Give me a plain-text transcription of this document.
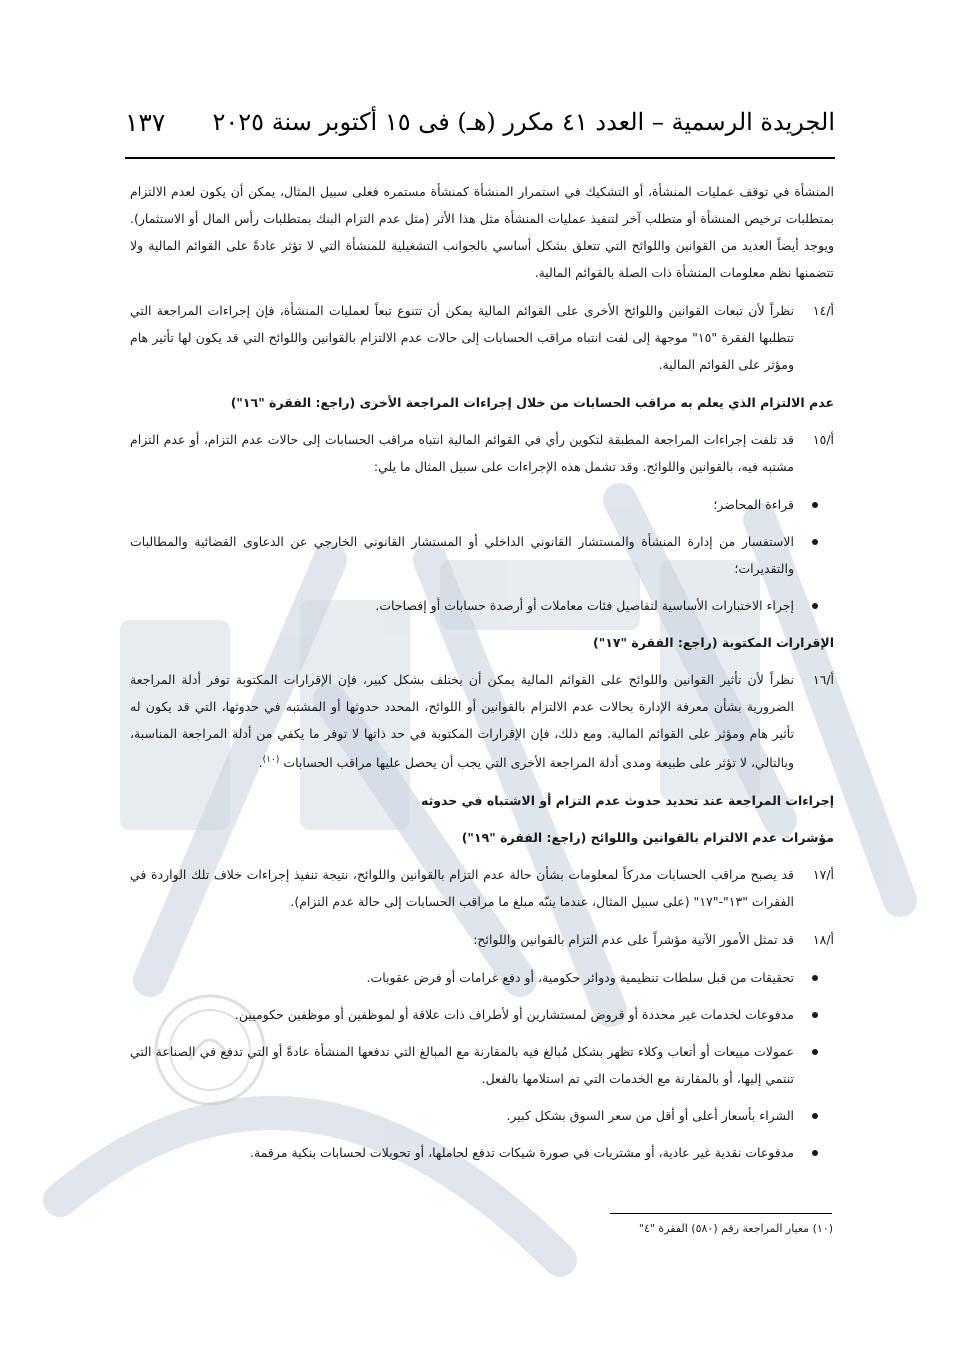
١٣٧ الجريدة الرسمية – العدد ٤١ مكرر (هـ) فى ١٥ أكتوبر سنة ٢٠٢٥

المنشأة في توقف عمليات المنشأة، أو التشكيك في استمرار المنشأة كمنشأة مستمره فعلى سبيل المثال، يمكن أن يكون لعدم الالتزام بمتطلبات ترخيص المنشأة أو متطلب آخر لتنفيذ عمليات المنشأة مثل هذا الأثر (مثل عدم التزام البنك بمتطلبات رأس المال أو الاستثمار). ويوجد أيضاً العديد من القوانين واللوائح التي تتعلق بشكل أساسي بالجوانب التشغيلية للمنشأة التي لا تؤثر عادةً على القوائم المالية ولا تتضمنها نظم معلومات المنشأة ذات الصلة بالقوائم المالية.

أ/١٤

نظراً لأن تبعات القوانين واللوائح الأخرى على القوائم المالية يمكن أن تتنوع تبعاً لعمليات المنشأة، فإن إجراءات المراجعة التي تتطلبها الفقرة "١٥" موجهة إلى لفت انتباه مراقب الحسابات إلى حالات عدم الالتزام بالقوانين واللوائح التي قد يكون لها تأثير هام ومؤثر على القوائم المالية.

عدم الالتزام الذي يعلم به مراقب الحسابات من خلال إجراءات المراجعة الأخرى (راجع: الفقرة "١٦")

أ/١٥

قد تلفت إجراءات المراجعة المطبقة لتكوين رأي في القوائم المالية انتباه مراقب الحسابات إلى حالات عدم التزام، أو عدم التزام مشتبه فيه، بالقوانين واللوائح. وقد تشمل هذه الإجراءات على سبيل المثال ما يلي:

قراءة المحاضر؛
الاستفسار من إدارة المنشأة والمستشار القانوني الداخلي أو المستشار القانوني الخارجي عن الدعاوى القضائية والمطالبات والتقديرات؛
إجراء الاختبارات الأساسية لتفاصيل فئات معاملات أو أرصدة حسابات أو إفصاحات.

الإقرارات المكتوبة (راجع: الفقرة "١٧")

أ/١٦

نظراً لأن تأثير القوانين واللوائح على القوائم المالية يمكن أن يختلف بشكل كبير، فإن الإقرارات المكتوبة توفر أدلة المراجعة الضرورية بشأن معرفة الإدارة بحالات عدم الالتزام بالقوانين أو اللوائح، المحدد حدوثها أو المشتبه في حدوثها، التي قد يكون له تأثير هام ومؤثر على القوائم المالية. ومع ذلك، فإن الإقرارات المكتوبة في حد ذاتها لا توفر ما يكفي من أدلة المراجعة المناسبة، وبالتالي، لا تؤثر على طبيعة ومدى أدلة المراجعة الأخرى التي يجب أن يحصل عليها مراقب الحسابات $^{(١٠)}$.

إجراءات المراجعة عند تحديد حدوث عدم التزام أو الاشتباه في حدوثه

مؤشرات عدم الالتزام بالقوانين واللوائح (راجع: الفقرة "١٩")

أ/١٧

قد يصبح مراقب الحسابات مدركاً لمعلومات بشأن حالة عدم التزام بالقوانين واللوائح، نتيجة تنفيذ إجراءات خلاف تلك الواردة في الفقرات "١٣"-"١٧" (على سبيل المثال، عندما ينبّه مبلغ ما مراقب الحسابات إلى حالة عدم التزام).

أ/١٨

قد تمثل الأمور الآتية مؤشراً على عدم التزام بالقوانين واللوائح:

تحقيقات من قبل سلطات تنظيمية ودوائر حكومية، أو دفع غرامات أو فرض عقوبات.
مدفوعات لخدمات غير محددة أو قروض لمستشارين أو لأطراف ذات علاقة أو لموظفين أو موظفين حكوميين.
عمولات مبيعات أو أتعاب وكلاء تظهر بشكل مُبالغ فيه بالمقارنة مع المبالغ التي تدفعها المنشأة عادةً أو التي تدفع في الصناعة التي تنتمي إليها، أو بالمقارنة مع الخدمات التي تم استلامها بالفعل.
الشراء بأسعار أعلى أو أقل من سعر السوق بشكل كبير.
مدفوعات نقدية غير عادية، أو مشتريات في صورة شيكات تدفع لحاملها، أو تحويلات لحسابات بنكية مرقمة.
(١٠) معيار المراجعة رقم (٥٨٠) الفقرة "٤"
